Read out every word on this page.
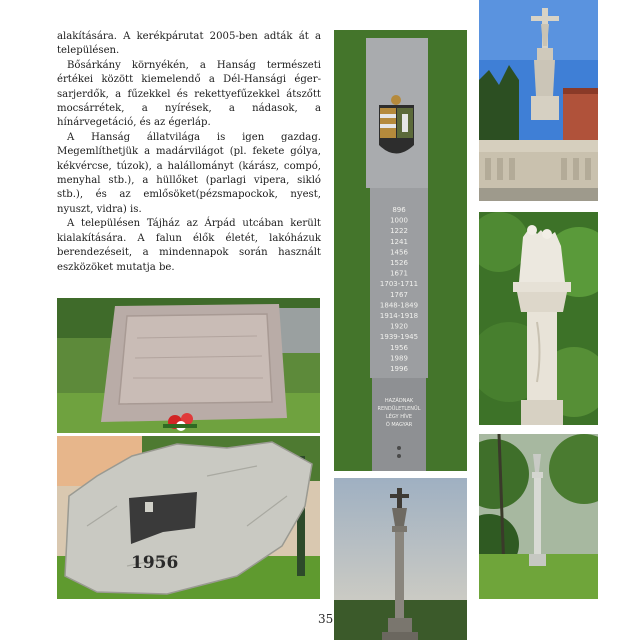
alakítására. A kerékpárutat 2005-ben adták át a településen.

Bősárkány környékén, a Hanság természeti értékei között kiemelendő a Dél-Hansági éger-sarjerdők, a fűzekkel és rekettyefűzekkel átszőtt mocsárrétek, a nyírések, a nádasok, a hínárvegetáció, és az égerláp.

A Hanság állatvilága is igen gazdag. Megemlíthetjük a madárvilágot (pl. fekete gólya, kékvércse, túzok), a halállományt (kárász, compó, menyhal stb.), a hüllőket (parlagi vipera, sikló stb.), és az emlősöket(pézsmapockok, nyest, nyuszt, vidra) is.

A településen Tájház az Árpád utcában került kialakítására. A falun élők életét, lakóházuk berendezéseit, a mindennapok során használt eszközöket mutatja be.

1956
896
1000
1222
1241
1456
1526
1671
1703-1711
1767
1848-1849
1914-1918
1920
1939-1945
1956
1989
1996
HAZÁDNAK
RENDÜLETLENÜL
LÉGY HÍVE
Ó MAGYAR
35
